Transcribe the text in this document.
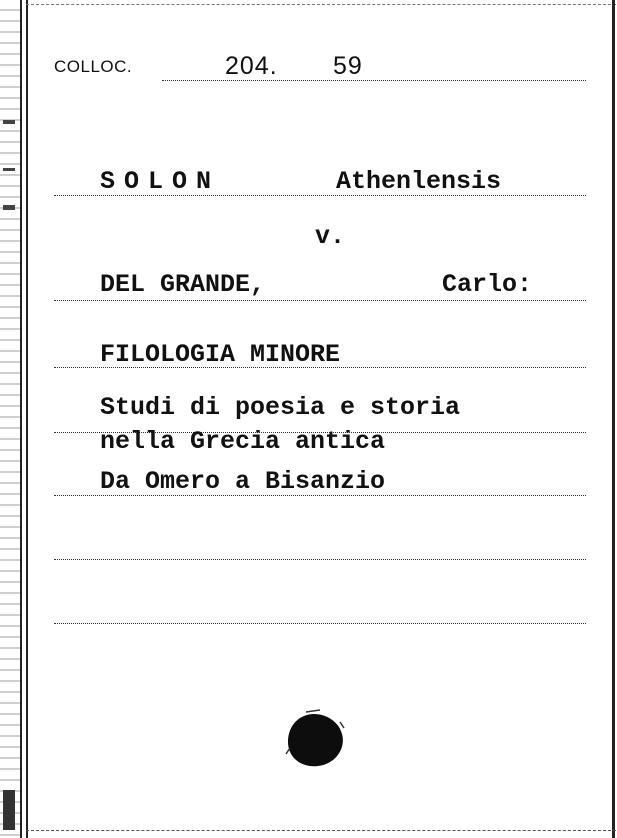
COLLOC.	204. 59
SOLON	Athenlensis
v.
DEL GRANDE,	Carlo:
FILOLOGIA MINORE
Studi di poesia e storia
nella Grecia antica
Da Omero a Bisanzio
